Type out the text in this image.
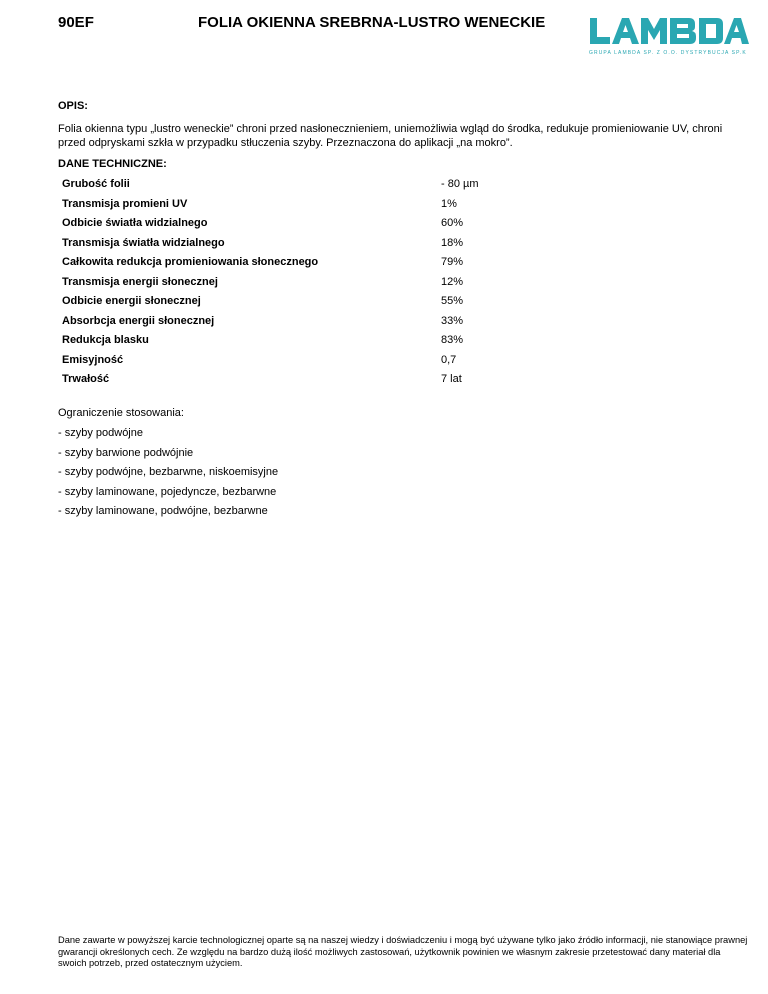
90EF	FOLIA OKIENNA SREBRNA-LUSTRO WENECKIE
GRUPA LAMBDA SP. Z O.O. DYSTRYBUCJA SP.K
OPIS:
Folia okienna typu „lustro weneckie” chroni przed nasłonecznieniem, uniemożliwia wgląd do środka, redukuje promieniowanie UV, chroni przed odpryskami szkła w przypadku stłuczenia szyby. Przeznaczona do aplikacji „na mokro”.
DANE TECHNICZNE:
Grubość folii	- 80 µm
Transmisja promieni UV	1%
Odbicie światła widzialnego	60%
Transmisja światła widzialnego	18%
Całkowita redukcja promieniowania słonecznego	79%
Transmisja energii słonecznej	12%
Odbicie energii słonecznej	55%
Absorbcja energii słonecznej	33%
Redukcja blasku	83%
Emisyjność	0,7
Trwałość	7 lat
Ograniczenie stosowania:
- szyby podwójne
- szyby barwione podwójnie
- szyby podwójne, bezbarwne, niskoemisyjne
- szyby laminowane, pojedyncze, bezbarwne
- szyby laminowane, podwójne, bezbarwne
Dane zawarte w powyższej karcie technologicznej oparte są na naszej wiedzy i doświadczeniu i mogą być używane tylko jako źródło informacji, nie stanowiące prawnej gwarancji określonych cech. Ze względu na bardzo dużą ilość możliwych zastosowań, użytkownik powinien we własnym zakresie przetestować dany materiał dla swoich potrzeb, przed ostatecznym użyciem.
